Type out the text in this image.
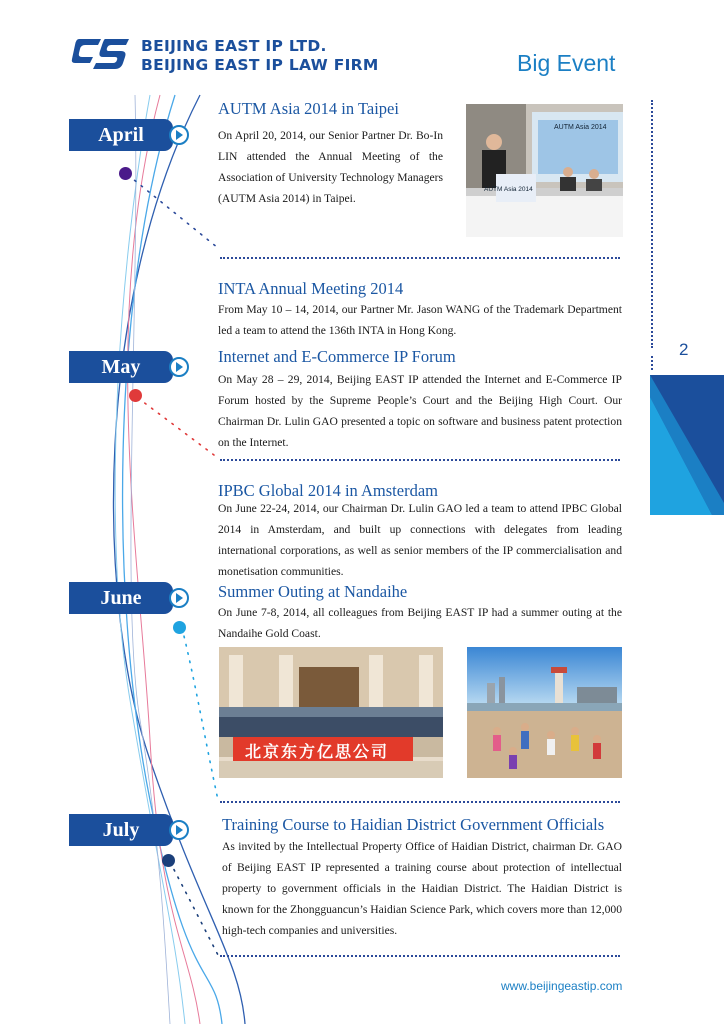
BEIJING EAST IP LTD.
BEIJING EAST IP LAW FIRM	Big Event
2
April
May
June
July
AUTM Asia 2014 in Taipei

On April 20, 2014, our Senior Partner Dr. Bo-In LIN attended the Annual Meeting of the Association of University Technology Managers (AUTM Asia 2014) in Taipei.

AUTM Asia 2014
AUTM Asia 2014
INTA Annual Meeting 2014

From May 10 – 14, 2014, our Partner Mr. Jason WANG of the Trademark Department led a team to attend the 136th INTA in Hong Kong.

Internet and E-Commerce IP Forum

On May 28 – 29, 2014, Beijing EAST IP attended the Internet and E-Commerce IP Forum hosted by the Supreme People’s Court and the Beijing High Court. Our Chairman Dr. Lulin GAO presented a topic on software and business patent protection on the Internet.

IPBC Global 2014 in Amsterdam

On June 22-24, 2014, our Chairman Dr. Lulin GAO led a team to attend IPBC Global 2014 in Amsterdam, and built up connections with delegates from leading international corporations, as well as senior members of the IP commercialisation and monetisation communities.

Summer Outing at Nandaihe

On June 7-8, 2014, all colleagues from Beijing EAST IP had a summer outing at the Nandaihe Gold Coast.

北京东方亿思公司
Training Course to Haidian District Government Officials

As invited by the Intellectual Property Office of Haidian District, chairman Dr. GAO of Beijing EAST IP represented a training course about protection of intellectual property to government officials in the Haidian District. The Haidian District is known for the Zhongguancun’s Haidian Science Park, which covers more than 12,000 high-tech companies and universities.

www.beijingeastip.com
